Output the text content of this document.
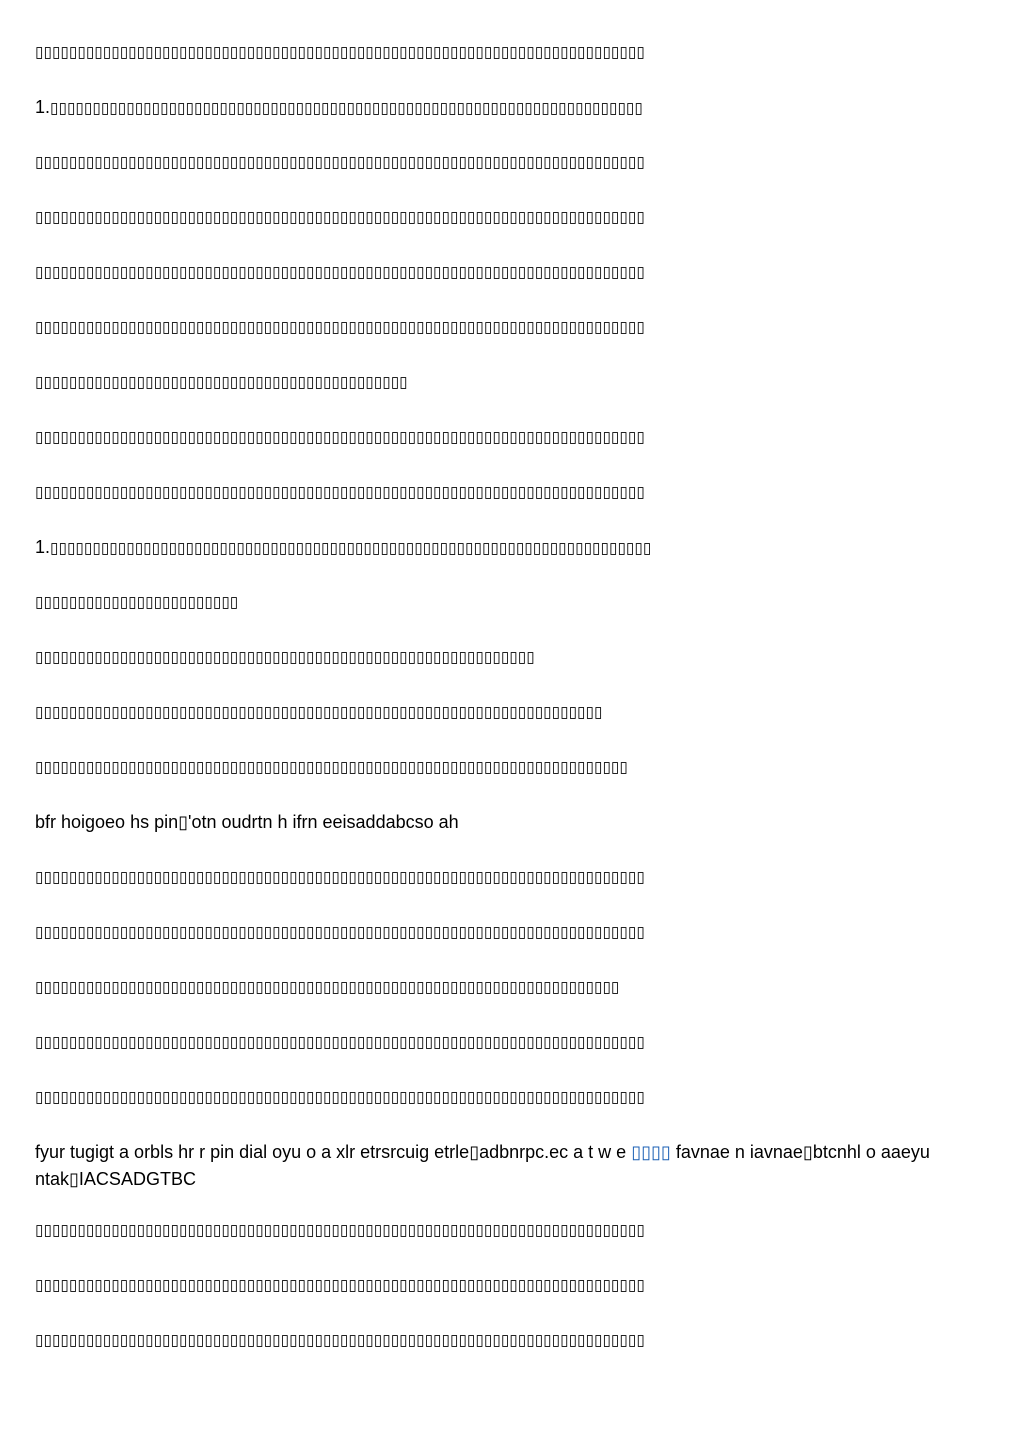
▯▯▯▯▯▯▯▯▯▯▯▯▯▯▯▯▯▯▯▯▯▯▯▯▯▯▯▯▯▯▯▯▯▯▯▯▯▯▯▯▯▯▯▯▯▯▯▯▯▯▯▯▯▯▯▯▯▯▯▯▯▯▯▯▯▯▯▯▯▯▯▯
1.▯▯▯▯▯▯▯▯▯▯▯▯▯▯▯▯▯▯▯▯▯▯▯▯▯▯▯▯▯▯▯▯▯▯▯▯▯▯▯▯▯▯▯▯▯▯▯▯▯▯▯▯▯▯▯▯▯▯▯▯▯▯▯▯▯▯▯▯▯▯
▯▯▯▯▯▯▯▯▯▯▯▯▯▯▯▯▯▯▯▯▯▯▯▯▯▯▯▯▯▯▯▯▯▯▯▯▯▯▯▯▯▯▯▯▯▯▯▯▯▯▯▯▯▯▯▯▯▯▯▯▯▯▯▯▯▯▯▯▯▯▯▯
▯▯▯▯▯▯▯▯▯▯▯▯▯▯▯▯▯▯▯▯▯▯▯▯▯▯▯▯▯▯▯▯▯▯▯▯▯▯▯▯▯▯▯▯▯▯▯▯▯▯▯▯▯▯▯▯▯▯▯▯▯▯▯▯▯▯▯▯▯▯▯▯
▯▯▯▯▯▯▯▯▯▯▯▯▯▯▯▯▯▯▯▯▯▯▯▯▯▯▯▯▯▯▯▯▯▯▯▯▯▯▯▯▯▯▯▯▯▯▯▯▯▯▯▯▯▯▯▯▯▯▯▯▯▯▯▯▯▯▯▯▯▯▯▯
▯▯▯▯▯▯▯▯▯▯▯▯▯▯▯▯▯▯▯▯▯▯▯▯▯▯▯▯▯▯▯▯▯▯▯▯▯▯▯▯▯▯▯▯▯▯▯▯▯▯▯▯▯▯▯▯▯▯▯▯▯▯▯▯▯▯▯▯▯▯▯▯
▯▯▯▯▯▯▯▯▯▯▯▯▯▯▯▯▯▯▯▯▯▯▯▯▯▯▯▯▯▯▯▯▯▯▯▯▯▯▯▯▯▯▯▯
▯▯▯▯▯▯▯▯▯▯▯▯▯▯▯▯▯▯▯▯▯▯▯▯▯▯▯▯▯▯▯▯▯▯▯▯▯▯▯▯▯▯▯▯▯▯▯▯▯▯▯▯▯▯▯▯▯▯▯▯▯▯▯▯▯▯▯▯▯▯▯▯
▯▯▯▯▯▯▯▯▯▯▯▯▯▯▯▯▯▯▯▯▯▯▯▯▯▯▯▯▯▯▯▯▯▯▯▯▯▯▯▯▯▯▯▯▯▯▯▯▯▯▯▯▯▯▯▯▯▯▯▯▯▯▯▯▯▯▯▯▯▯▯▯
1.▯▯▯▯▯▯▯▯▯▯▯▯▯▯▯▯▯▯▯▯▯▯▯▯▯▯▯▯▯▯▯▯▯▯▯▯▯▯▯▯▯▯▯▯▯▯▯▯▯▯▯▯▯▯▯▯▯▯▯▯▯▯▯▯▯▯▯▯▯▯▯
▯▯▯▯▯▯▯▯▯▯▯▯▯▯▯▯▯▯▯▯▯▯▯▯
▯▯▯▯▯▯▯▯▯▯▯▯▯▯▯▯▯▯▯▯▯▯▯▯▯▯▯▯▯▯▯▯▯▯▯▯▯▯▯▯▯▯▯▯▯▯▯▯▯▯▯▯▯▯▯▯▯▯▯
▯▯▯▯▯▯▯▯▯▯▯▯▯▯▯▯▯▯▯▯▯▯▯▯▯▯▯▯▯▯▯▯▯▯▯▯▯▯▯▯▯▯▯▯▯▯▯▯▯▯▯▯▯▯▯▯▯▯▯▯▯▯▯▯▯▯▯
▯▯▯▯▯▯▯▯▯▯▯▯▯▯▯▯▯▯▯▯▯▯▯▯▯▯▯▯▯▯▯▯▯▯▯▯▯▯▯▯▯▯▯▯▯▯▯▯▯▯▯▯▯▯▯▯▯▯▯▯▯▯▯▯▯▯▯▯▯▯
bfr hoigoeo hs pin▯'otn oudrtn h ifrn eeisaddabcso ah
▯▯▯▯▯▯▯▯▯▯▯▯▯▯▯▯▯▯▯▯▯▯▯▯▯▯▯▯▯▯▯▯▯▯▯▯▯▯▯▯▯▯▯▯▯▯▯▯▯▯▯▯▯▯▯▯▯▯▯▯▯▯▯▯▯▯▯▯▯▯▯▯
▯▯▯▯▯▯▯▯▯▯▯▯▯▯▯▯▯▯▯▯▯▯▯▯▯▯▯▯▯▯▯▯▯▯▯▯▯▯▯▯▯▯▯▯▯▯▯▯▯▯▯▯▯▯▯▯▯▯▯▯▯▯▯▯▯▯▯▯▯▯▯▯
▯▯▯▯▯▯▯▯▯▯▯▯▯▯▯▯▯▯▯▯▯▯▯▯▯▯▯▯▯▯▯▯▯▯▯▯▯▯▯▯▯▯▯▯▯▯▯▯▯▯▯▯▯▯▯▯▯▯▯▯▯▯▯▯▯▯▯▯▯
▯▯▯▯▯▯▯▯▯▯▯▯▯▯▯▯▯▯▯▯▯▯▯▯▯▯▯▯▯▯▯▯▯▯▯▯▯▯▯▯▯▯▯▯▯▯▯▯▯▯▯▯▯▯▯▯▯▯▯▯▯▯▯▯▯▯▯▯▯▯▯▯
▯▯▯▯▯▯▯▯▯▯▯▯▯▯▯▯▯▯▯▯▯▯▯▯▯▯▯▯▯▯▯▯▯▯▯▯▯▯▯▯▯▯▯▯▯▯▯▯▯▯▯▯▯▯▯▯▯▯▯▯▯▯▯▯▯▯▯▯▯▯▯▯
fyur tugigt a orbls hr r pin dial oyu o a xlr etrsrcuig etrle▯adbnrpc.ec a t w e ▯▯▯▯ favnae n iavnae▯btcnhl o aaeyu ntak▯IACSADGTBC
▯▯▯▯▯▯▯▯▯▯▯▯▯▯▯▯▯▯▯▯▯▯▯▯▯▯▯▯▯▯▯▯▯▯▯▯▯▯▯▯▯▯▯▯▯▯▯▯▯▯▯▯▯▯▯▯▯▯▯▯▯▯▯▯▯▯▯▯▯▯▯▯
▯▯▯▯▯▯▯▯▯▯▯▯▯▯▯▯▯▯▯▯▯▯▯▯▯▯▯▯▯▯▯▯▯▯▯▯▯▯▯▯▯▯▯▯▯▯▯▯▯▯▯▯▯▯▯▯▯▯▯▯▯▯▯▯▯▯▯▯▯▯▯▯
▯▯▯▯▯▯▯▯▯▯▯▯▯▯▯▯▯▯▯▯▯▯▯▯▯▯▯▯▯▯▯▯▯▯▯▯▯▯▯▯▯▯▯▯▯▯▯▯▯▯▯▯▯▯▯▯▯▯▯▯▯▯▯▯▯▯▯▯▯▯▯▯
